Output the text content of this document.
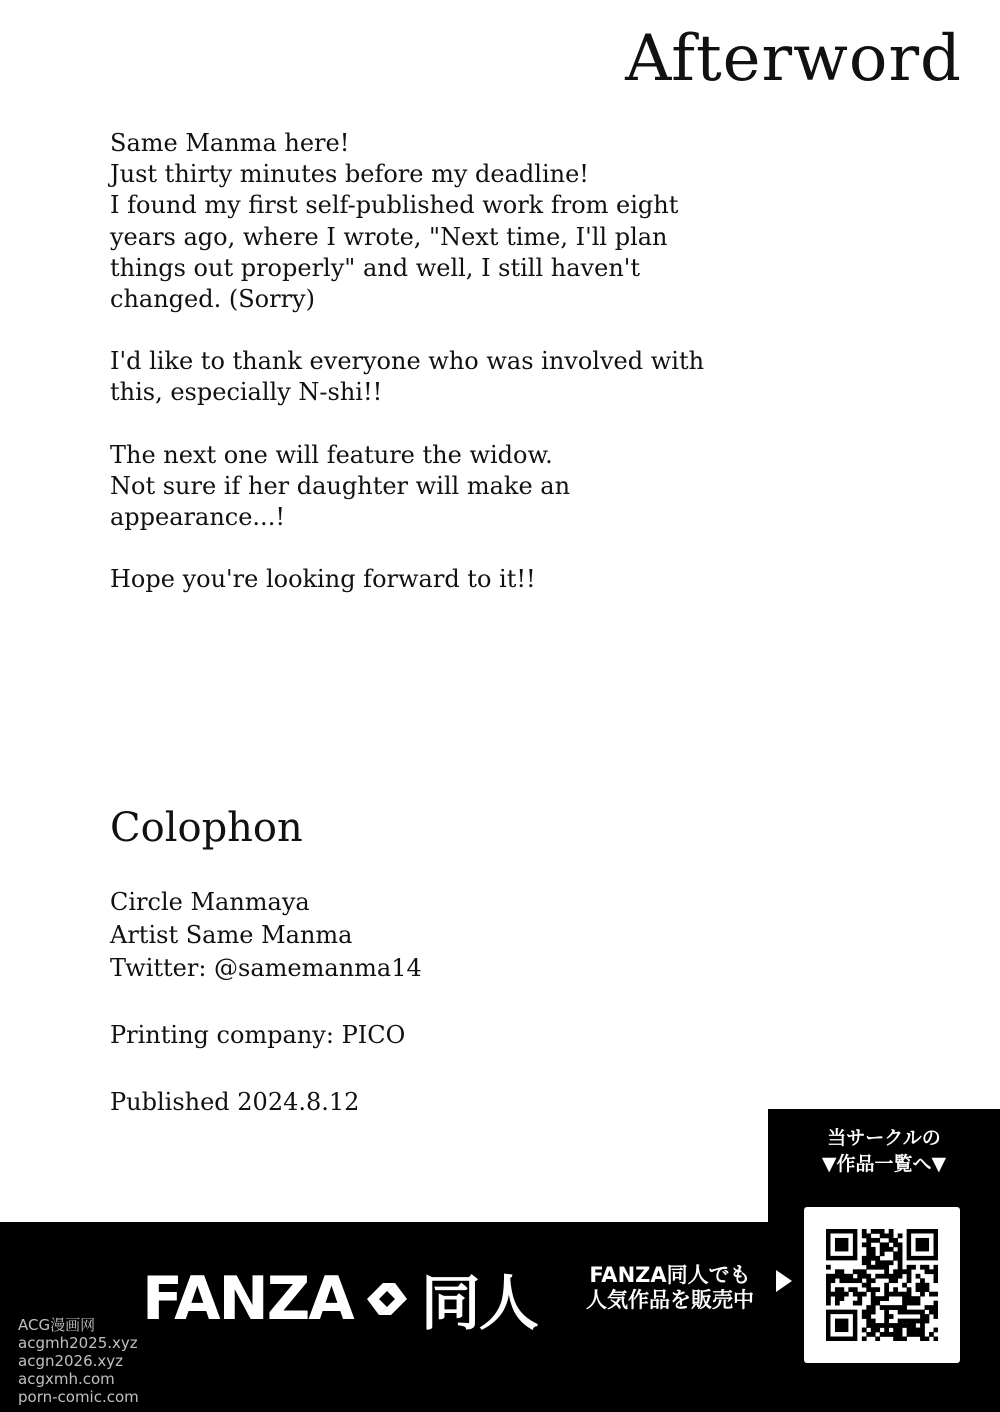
Afterword

Same Manma here!
Just thirty minutes before my deadline!
I found my first self-published work from eight
years ago, where I wrote, "Next time, I'll plan
things out properly" and well, I still haven't
changed. (Sorry)

I'd like to thank everyone who was involved with
this, especially N-shi!!

The next one will feature the widow.
Not sure if her daughter will make an
appearance...!

Hope you're looking forward to it!!

Colophon
Circle Manmaya
Artist Same Manma
Twitter: @samemanma14
Printing company: PICO
Published 2024.8.12
当サークルの
▼作品一覧へ▼
FANZA 同人	FANZA同人でも
人気作品を販売中
ACG漫画网
acgmh2025.xyz
acgn2026.xyz
acgxmh.com
porn-comic.com
